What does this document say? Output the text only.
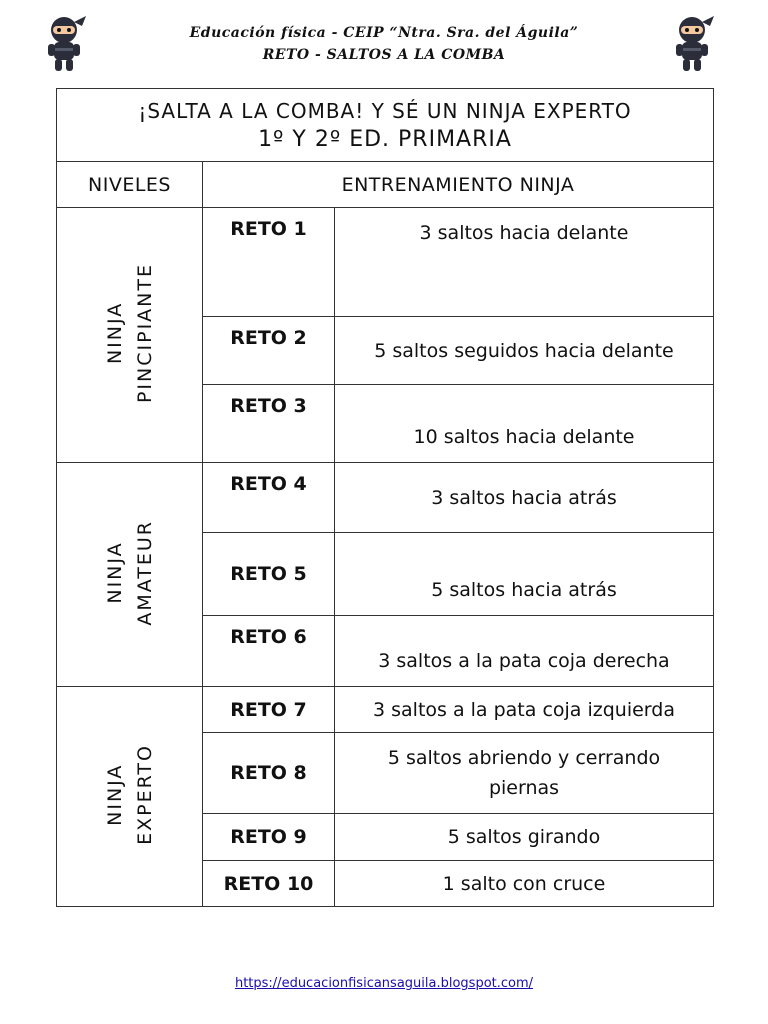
Educación física - CEIP “Ntra. Sra. del Águila”
RETO - SALTOS A LA COMBA
¡SALTA A LA COMBA! Y SÉ UN NINJA EXPERTO
1º Y 2º ED. PRIMARIA		

NIVELES	ENTRENAMIENTO NINJA	
NINJA PINCIPIANTE	RETO 1	3 saltos hacia delante
	RETO 2	5 saltos seguidos hacia delante
	RETO 3	10 saltos hacia delante
NINJA AMATEUR	RETO 4	3 saltos hacia atrás
	RETO 5	5 saltos hacia atrás
	RETO 6	3 saltos a la pata coja derecha
NINJA EXPERTO	RETO 7	3 saltos a la pata coja izquierda
	RETO 8	5 saltos abriendo y cerrando piernas
	RETO 9	5 saltos girando
	RETO 10	1 salto con cruce
https://educacionfisicansaguila.blogspot.com/
